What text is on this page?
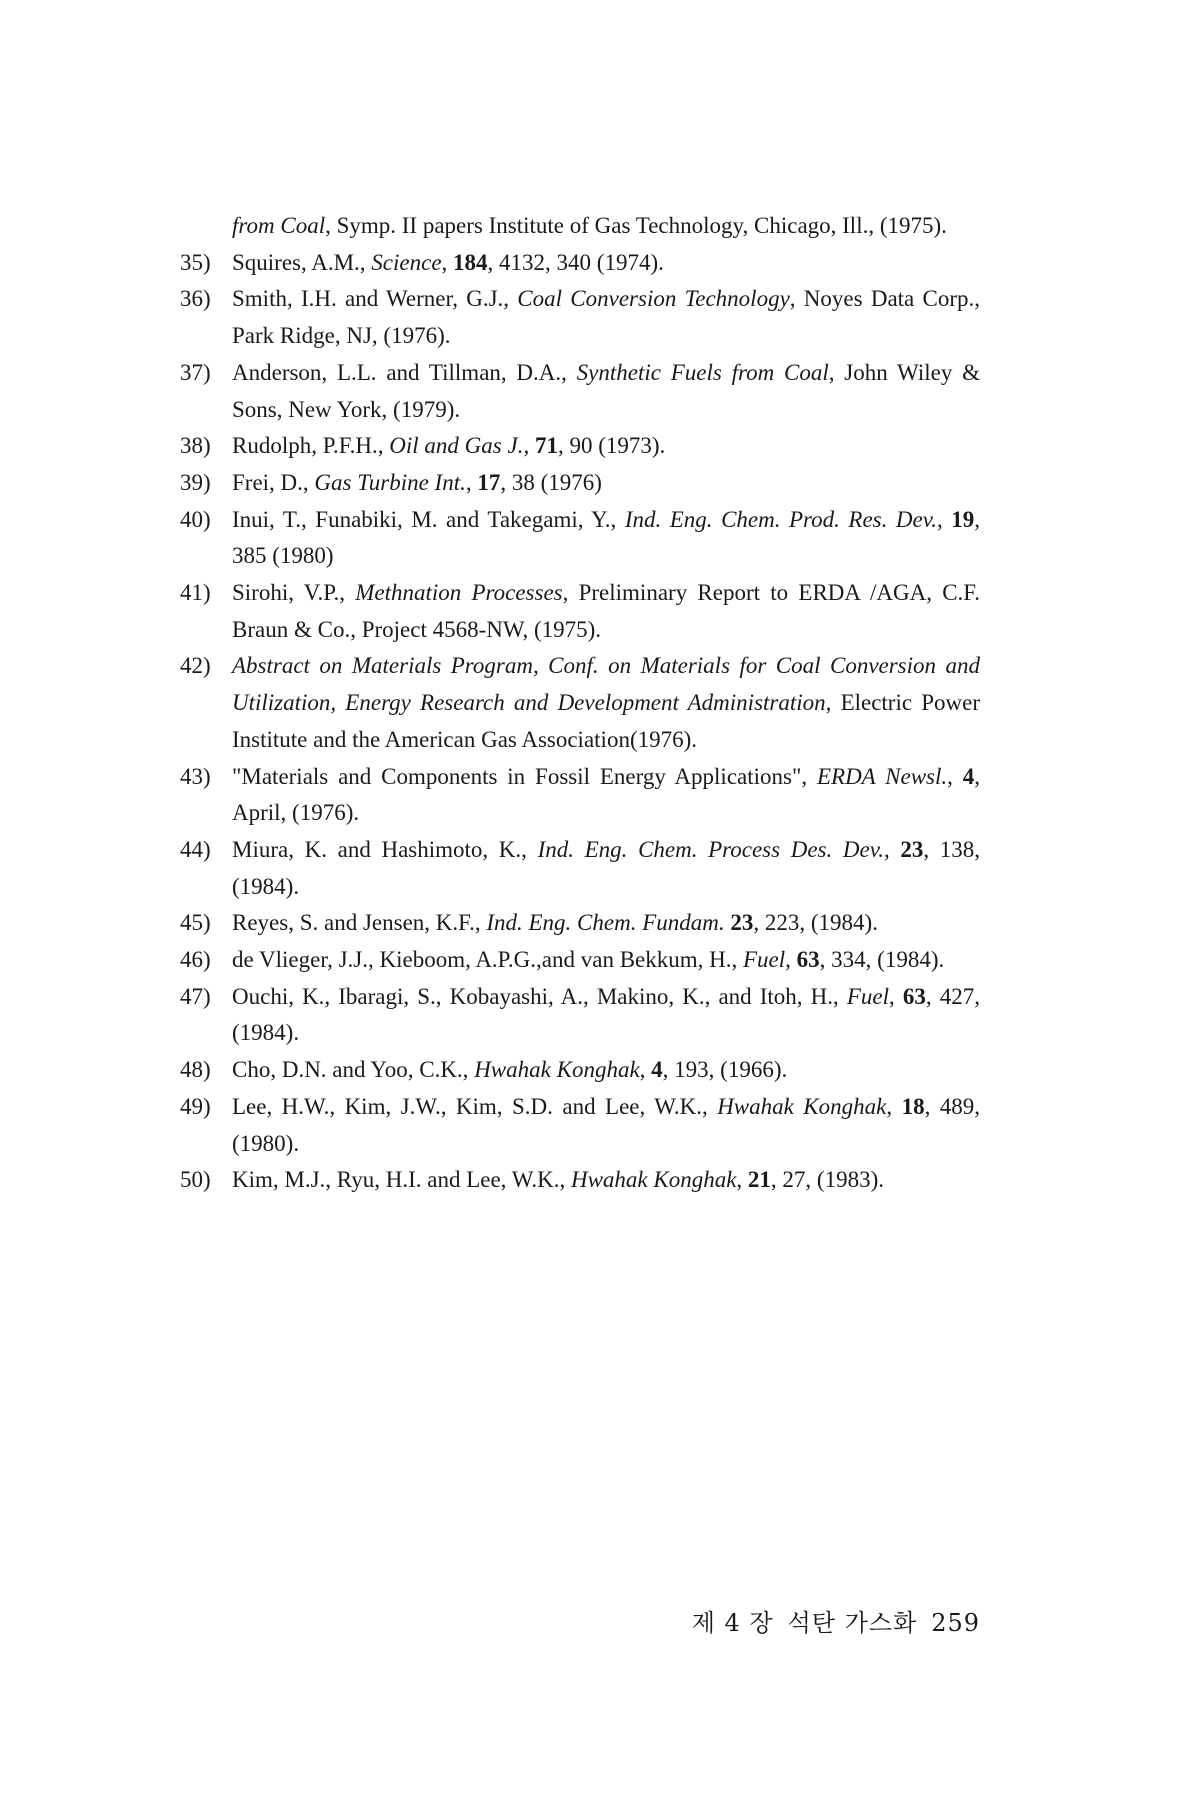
from Coal, Symp. II papers Institute of Gas Technology, Chicago, Ill., (1975).
35) Squires, A.M., Science, 184, 4132, 340 (1974).
36) Smith, I.H. and Werner, G.J., Coal Conversion Technology, Noyes Data Corp., Park Ridge, NJ, (1976).
37) Anderson, L.L. and Tillman, D.A., Synthetic Fuels from Coal, John Wiley & Sons, New York, (1979).
38) Rudolph, P.F.H., Oil and Gas J., 71, 90 (1973).
39) Frei, D., Gas Turbine Int., 17, 38 (1976)
40) Inui, T., Funabiki, M. and Takegami, Y., Ind. Eng. Chem. Prod. Res. Dev., 19, 385 (1980)
41) Sirohi, V.P., Methnation Processes, Preliminary Report to ERDA /AGA, C.F. Braun & Co., Project 4568-NW, (1975).
42) Abstract on Materials Program, Conf. on Materials for Coal Conversion and Utilization, Energy Research and Development Administration, Electric Power Institute and the American Gas Association(1976).
43) "Materials and Components in Fossil Energy Applications", ERDA Newsl., 4, April, (1976).
44) Miura, K. and Hashimoto, K., Ind. Eng. Chem. Process Des. Dev., 23, 138, (1984).
45) Reyes, S. and Jensen, K.F., Ind. Eng. Chem. Fundam. 23, 223, (1984).
46) de Vlieger, J.J., Kieboom, A.P.G.,and van Bekkum, H., Fuel, 63, 334, (1984).
47) Ouchi, K., Ibaragi, S., Kobayashi, A., Makino, K., and Itoh, H., Fuel, 63, 427, (1984).
48) Cho, D.N. and Yoo, C.K., Hwahak Konghak, 4, 193, (1966).
49) Lee, H.W., Kim, J.W., Kim, S.D. and Lee, W.K., Hwahak Konghak, 18, 489, (1980).
50) Kim, M.J., Ryu, H.I. and Lee, W.K., Hwahak Konghak, 21, 27, (1983).
제 4 장 석탄 가스화 259
